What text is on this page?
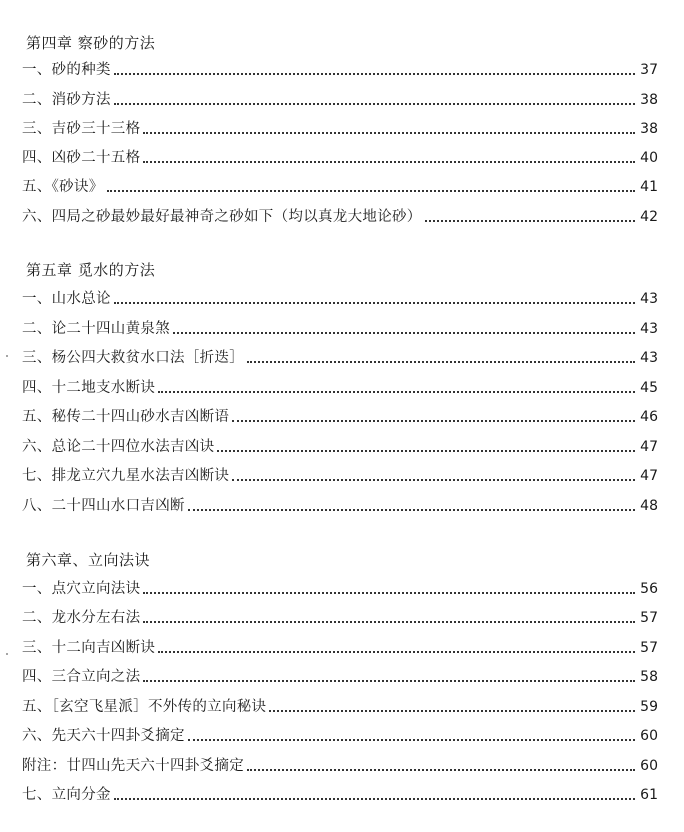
第四章 察砂的方法
一、砂的种类	37
二、消砂方法	38
三、吉砂三十三格	38
四、凶砂二十五格	40
五、《砂诀》	41
六、四局之砂最妙最好最神奇之砂如下（均以真龙大地论砂）	42
第五章 觅水的方法
一、山水总论	43
二、论二十四山黄泉煞	43
三、杨公四大救贫水口法［折迭］	43
四、十二地支水断诀	45
五、秘传二十四山砂水吉凶断语	46
六、总论二十四位水法吉凶诀	47
七、排龙立穴九星水法吉凶断诀	47
八、二十四山水口吉凶断	48
第六章、立向法诀
一、点穴立向法诀	56
二、龙水分左右法	57
三、十二向吉凶断诀	57
四、三合立向之法	58
五、［玄空飞星派］不外传的立向秘诀	59
六、先天六十四卦爻摘定	60
附注：廿四山先天六十四卦爻摘定	60
七、立向分金	61
